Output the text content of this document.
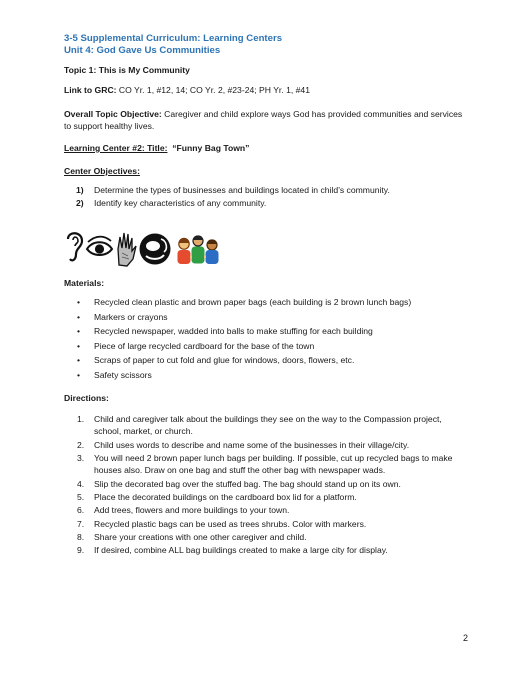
3-5 Supplemental Curriculum: Learning Centers
Unit 4: God Gave Us Communities
Topic 1: This is My Community
Link to GRC: CO Yr. 1, #12, 14; CO Yr. 2, #23-24; PH Yr. 1, #41
Overall Topic Objective: Caregiver and child explore ways God has provided communities and services
to support healthy lives.
Learning Center #2: Title: “Funny Bag Town”
Center Objectives:
1) Determine the types of businesses and buildings located in child’s community.
2) Identify key characteristics of any community.
Materials:
• Recycled clean plastic and brown paper bags (each building is 2 brown lunch bags)
• Markers or crayons
• Recycled newspaper, wadded into balls to make stuffing for each building
• Piece of large recycled cardboard for the base of the town
• Scraps of paper to cut fold and glue for windows, doors, flowers, etc.
• Safety scissors
Directions:
1. Child and caregiver talk about the buildings they see on the way to the Compassion project, school, market, or church.
2. Child uses words to describe and name some of the businesses in their village/city.
3. You will need 2 brown paper lunch bags per building. If possible, cut up recycled bags to make houses also. Draw on one bag and stuff the other bag with newspaper wads.
4. Slip the decorated bag over the stuffed bag. The bag should stand up on its own.
5. Place the decorated buildings on the cardboard box lid for a platform.
6. Add trees, flowers and more buildings to your town.
7. Recycled plastic bags can be used as trees shrubs. Color with markers.
8. Share your creations with one other caregiver and child.
9. If desired, combine ALL bag buildings created to make a large city for display.
2
